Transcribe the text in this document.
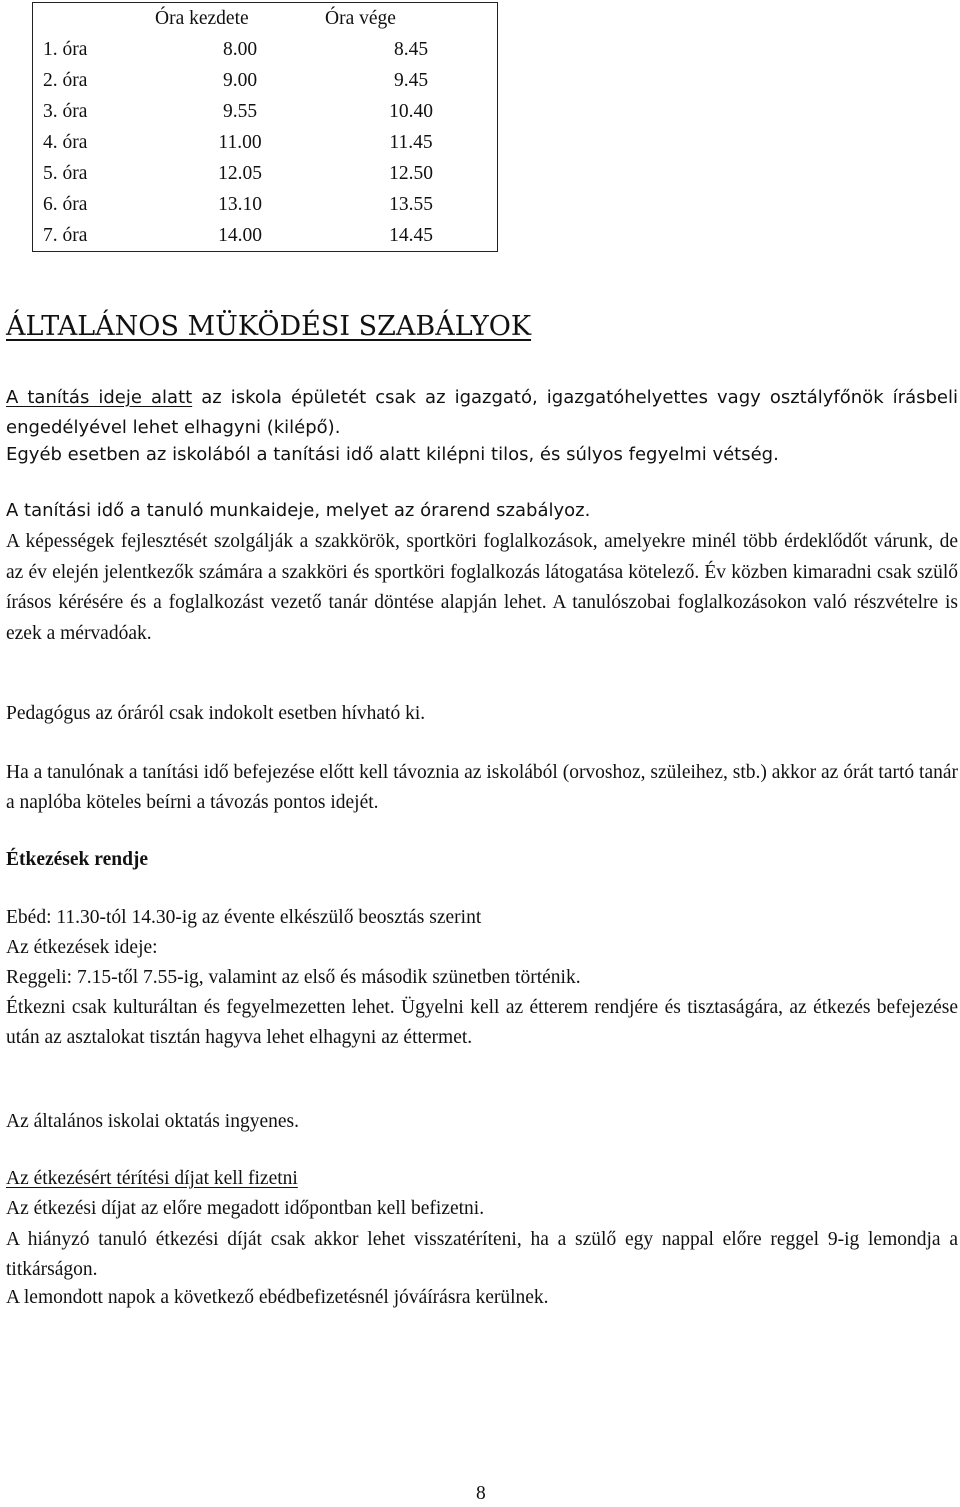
	Óra kezdete	Óra vége
1. óra	8.00	8.45
2. óra	9.00	9.45
3. óra	9.55	10.40
4. óra	11.00	11.45
5. óra	12.05	12.50
6. óra	13.10	13.55
7. óra	14.00	14.45
ÁLTALÁNOS MÜKÖDÉSI SZABÁLYOK
A tanítás ideje alatt az iskola épületét csak az igazgató, igazgatóhelyettes vagy osztályfőnök írásbeli engedélyével lehet elhagyni (kilépő).
Egyéb esetben az iskolából a tanítási idő alatt kilépni tilos, és súlyos fegyelmi vétség.
A tanítási idő a tanuló munkaideje, melyet az órarend szabályoz.
A képességek fejlesztését szolgálják a szakkörök, sportköri foglalkozások, amelyekre minél több érdeklődőt várunk, de az év elején jelentkezők számára a szakköri és sportköri foglalkozás látogatása kötelező. Év közben kimaradni csak szülő írásos kérésére és a foglalkozást vezető tanár döntése alapján lehet. A tanulószobai foglalkozásokon való részvételre is ezek a mérvadóak.
Pedagógus az óráról csak indokolt esetben hívható ki.
Ha a tanulónak a tanítási idő befejezése előtt kell távoznia az iskolából (orvoshoz, szüleihez, stb.) akkor az órát tartó tanár a naplóba köteles beírni a távozás pontos idejét.
Étkezések rendje
Ebéd: 11.30-tól 14.30-ig az évente elkészülő beosztás szerint
Az étkezések ideje:
Reggeli: 7.15-től 7.55-ig, valamint az első és második szünetben történik.
Étkezni csak kulturáltan és fegyelmezetten lehet. Ügyelni kell az étterem rendjére és tisztaságára, az étkezés befejezése után az asztalokat tisztán hagyva lehet elhagyni az éttermet.
Az általános iskolai oktatás ingyenes.
Az étkezésért térítési díjat kell fizetni
Az étkezési díjat az előre megadott időpontban kell befizetni.
A hiányzó tanuló étkezési díját csak akkor lehet visszatéríteni, ha a szülő egy nappal előre reggel 9-ig lemondja a titkárságon.
A lemondott napok a következő ebédbefizetésnél jóváírásra kerülnek.
8
